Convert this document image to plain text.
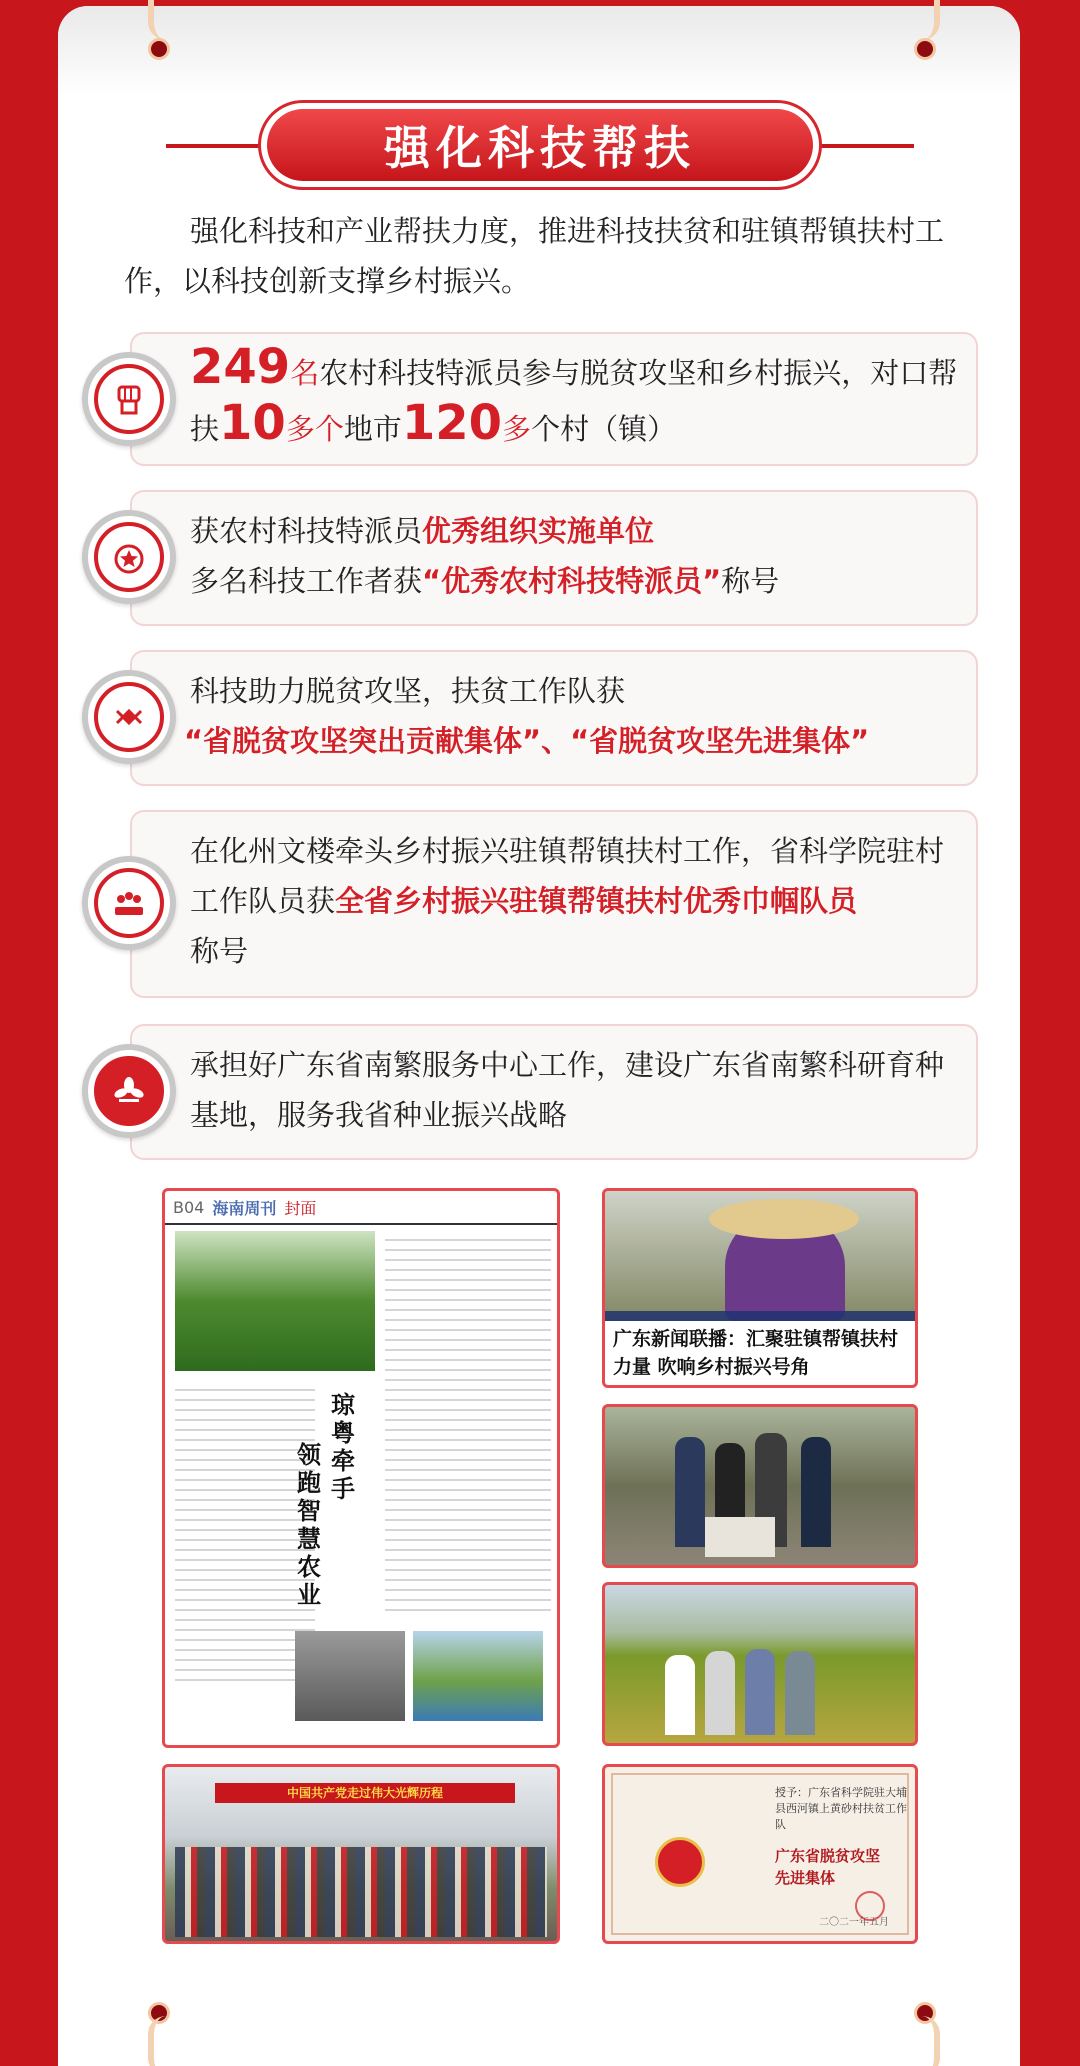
强化科技帮扶
强化科技和产业帮扶力度，推进科技扶贫和驻镇帮镇扶村工作，以科技创新支撑乡村振兴。
249名农村科技特派员参与脱贫攻坚和乡村振兴，对口帮扶10多个地市120多个村（镇）
获农村科技特派员优秀组织实施单位
多名科技工作者获“优秀农村科技特派员”称号
科技助力脱贫攻坚，扶贫工作队获
“省脱贫攻坚突出贡献集体”、“省脱贫攻坚先进集体”
在化州文楼牵头乡村振兴驻镇帮镇扶村工作，省科学院驻村工作队员获全省乡村振兴驻镇帮镇扶村优秀巾帼队员
称号
承担好广东省南繁服务中心工作，建设广东省南繁科研育种基地，服务我省种业振兴战略
B04 海南周刊 封面
琼粤牵手
领跑智慧农业
广东新闻联播：汇聚驻镇帮镇扶村力量 吹响乡村振兴号角
中国共产党走过伟大光辉历程	授予：广东省科学院驻大埔县西河镇上黄砂村扶贫工作队
广东省脱贫攻坚
先进集体
二〇二一年五月
